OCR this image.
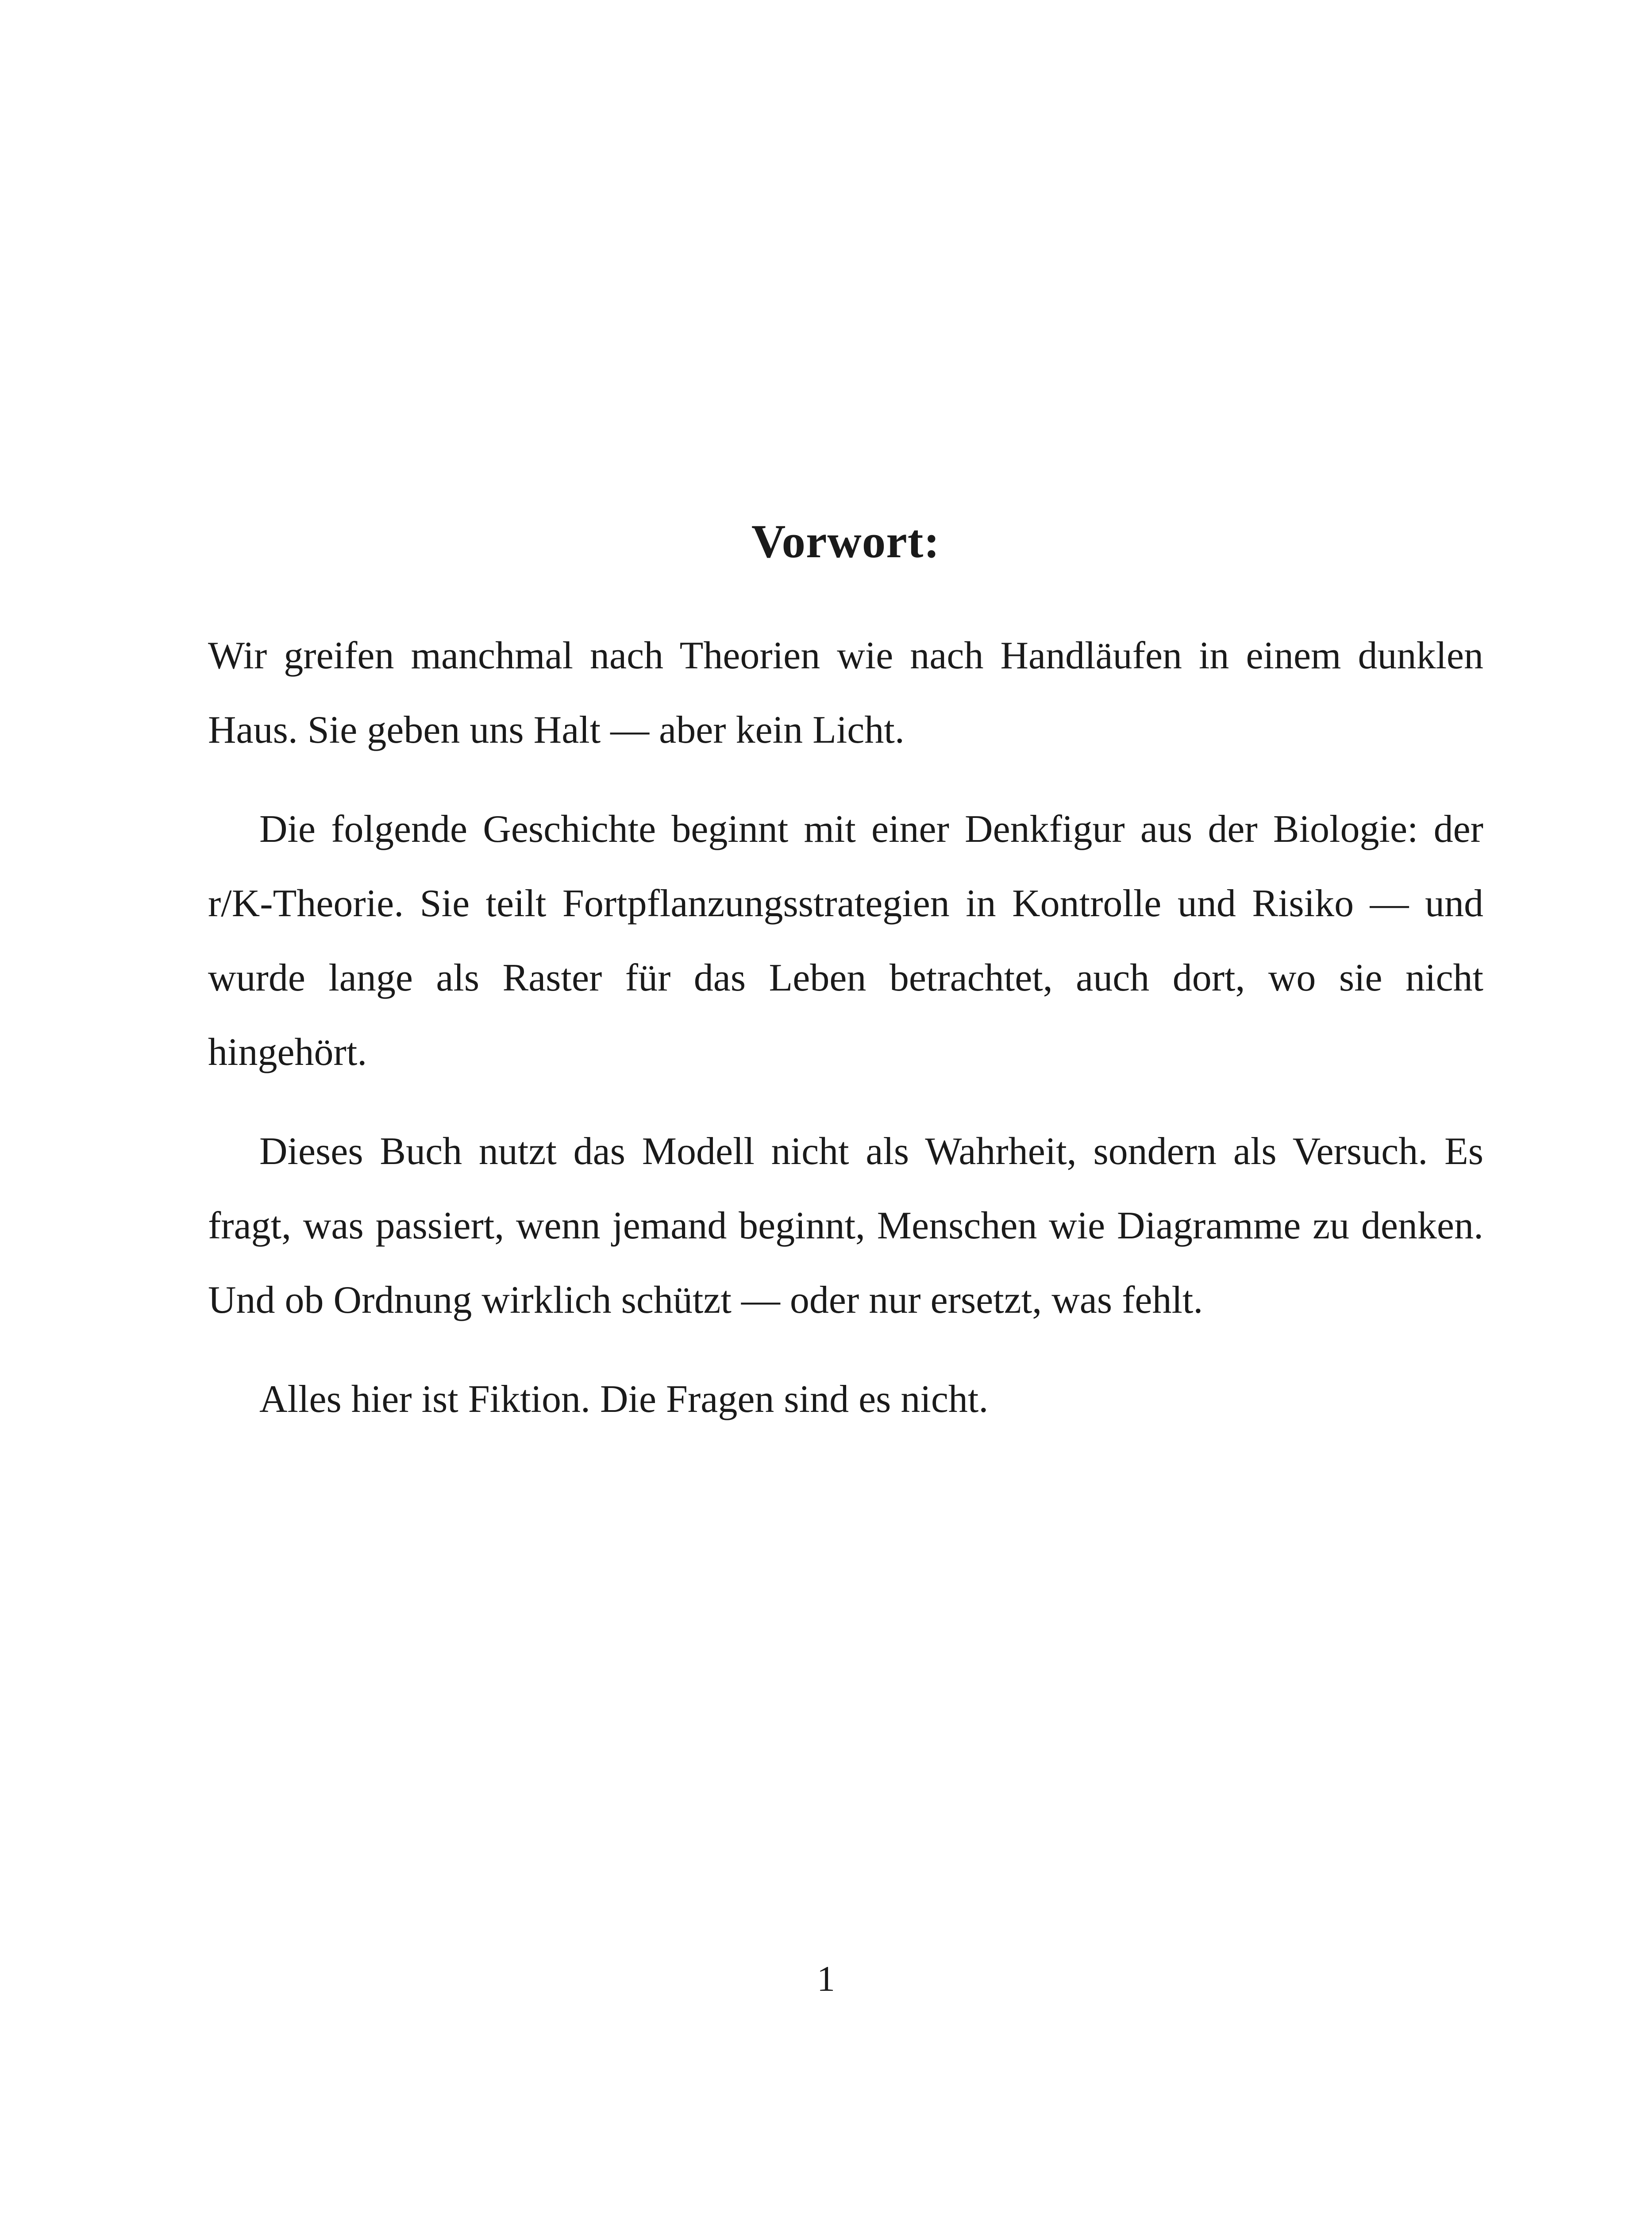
Vorwort:

Wir greifen manchmal nach Theorien wie nach Handläufen in einem dunklen Haus. Sie geben uns Halt — aber kein Licht.

Die folgende Geschichte beginnt mit einer Denkfigur aus der Biologie: der r/K-Theorie. Sie teilt Fortpflanzungsstrategien in Kontrolle und Risiko — und wurde lange als Raster für das Leben betrachtet, auch dort, wo sie nicht hingehört.

Dieses Buch nutzt das Modell nicht als Wahrheit, sondern als Versuch. Es fragt, was passiert, wenn jemand beginnt, Menschen wie Diagramme zu denken. Und ob Ordnung wirklich schützt — oder nur ersetzt, was fehlt.

Alles hier ist Fiktion. Die Fragen sind es nicht.

1
